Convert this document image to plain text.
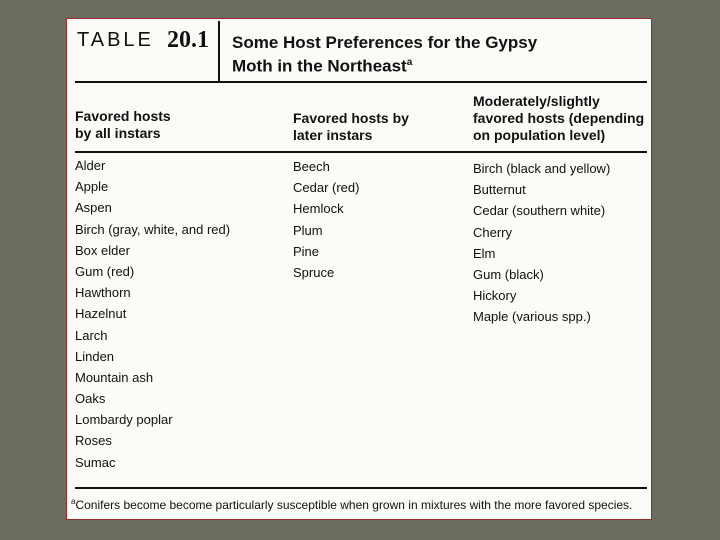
TABLE 20.1 Some Host Preferences for the Gypsy
Moth in the Northeast$^a$
Favored hosts
by all instars
Favored hosts by
later instars
Moderately/slightly
favored hosts (depending
on population level)
Alder
Apple
Aspen
Birch (gray, white, and red)
Box elder
Gum (red)
Hawthorn
Hazelnut
Larch
Linden
Mountain ash
Oaks
Lombardy poplar
Roses
Sumac
Beech
Cedar (red)
Hemlock
Plum
Pine
Spruce
Birch (black and yellow)
Butternut
Cedar (southern white)
Cherry
Elm
Gum (black)
Hickory
Maple (various spp.)
$^a$Conifers become become particularly susceptible when grown in mixtures with the more favored species.
